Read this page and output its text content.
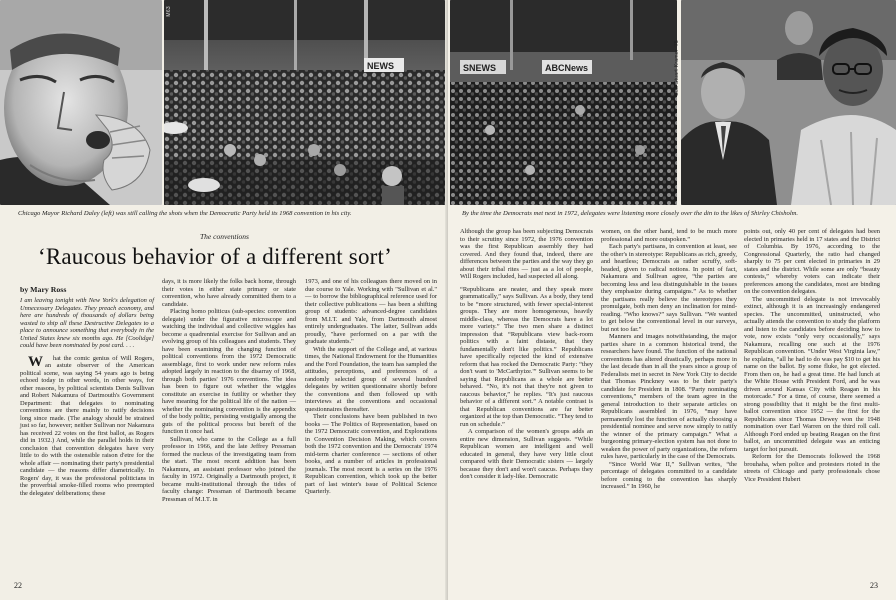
NEWS
M63
Chicago Mayor Richard Daley (left) was still calling the shots when the Democratic Party held its 1968 convention in his city.
The conventions
‘Raucous behavior of a different sort’
by Mary Ross

I am leaving tonight with New York's delegation of Unnecessary Delegates. They preach economy, and here are hundreds of thousands of dollars being wasted to ship all these Destructive Delegates to a place to announce something that everybody in the United States knew six months ago. He [Coolidge] could have been nominated by post card. . . .

W hat the comic genius of Will Rogers, an astute observer of the American political scene, was saying 54 years ago is being echoed today in other words, in other ways, for other reasons, by political scientists Denis Sullivan and Robert Nakamura of Dartmouth's Government Department: that delegates to nominating conventions are there mainly to ratify decisions long since made. (The analogy should be strained just so far, however; neither Sullivan nor Nakamura has received 22 votes on the first ballot, as Rogers did in 1932.) And, while the parallel holds in their conclusion that convention delegates have very little to do with the ostensible raison d'etre for the whole affair — nominating their party's presidential candidate — the reasons differ diametrically. In Rogers' day, it was the professional politicians in the proverbial smoke-filled rooms who preempted the delegates' deliberations; these

days, it is more likely the folks back home, through their votes in either state primary or state convention, who have already committed them to a candidate.

Placing homo politicus (sub-species: convention delegate) under the figurative microscope and watching the individual and collective wiggles has become a quadrennial exercise for Sullivan and an evolving group of his colleagues and students. They have been examining the changing function of political conventions from the 1972 Democratic assemblage, first to work under new reform rules adopted largely in reaction to the disarray of 1968, through both parties' 1976 conventions. The idea has been to figure out whether the wiggles constitute an exercise in futility or whether they have meaning for the political life of the nation — whether the nominating convention is the appendix of the body politic, persisting vestigially among the guts of the political process but bereft of the function it once had.

Sullivan, who came to the College as a full professor in 1966, and the late Jeffrey Pressman formed the nucleus of the investigating team from the start. The most recent addition has been Nakamura, an assistant professor who joined the faculty in 1972. Originally a Dartmouth project, it became multi-institutional through the tides of faculty change: Pressman of Dartmouth became Pressman of M.I.T. in

1973, and one of his colleagues there moved on in due course to Yale. Working with "Sullivan et al." — to borrow the bibliographical reference used for their collective publications — has been a shifting group of students: advanced-degree candidates from M.I.T. and Yale, from Dartmouth almost entirely undergraduates. The latter, Sullivan adds proudly, "have performed on a par with the graduate students."

With the support of the College and, at various times, the National Endowment for the Humanities and the Ford Foundation, the team has sampled the attitudes, perceptions, and preferences of a randomly selected group of several hundred delegates by written questionnaire shortly before the conventions and then followed up with interviews at the conventions and occasional questionnaires thereafter.

Their conclusions have been published in two books — The Politics of Representation, based on the 1972 Democratic convention, and Explorations in Convention Decision Making, which covers both the 1972 convention and the Democrats' 1974 mid-term charter conference — sections of other books, and a number of articles in professional journals. The most recent is a series on the 1976 Republican convention, which took up the better part of last winter's issue of Political Science Quarterly.

22
SNEWS	ABCNews	Bob Stuart Kramer '75
By the time the Democrats met next in 1972, delegates were listening more closely over the din to the likes of Shirley Chisholm.

Although the group has been subjecting Democrats to their scrutiny since 1972, the 1976 convention was the first Republican assembly they had covered. And they found that, indeed, there are differences between the parties and the way they go about their tribal rites — just as a lot of people, Will Rogers included, had suspected all along.

“Republicans are neater, and they speak more grammatically,” says Sullivan. As a body, they tend to be “more structured, with fewer special-interest groups. They are more homogeneous, heavily middle-class, whereas the Democrats have a lot more variety.” The two men share a distinct impression that “Republicans view back-room politics with a faint distaste, that they fundamentally don't like politics.” Republicans have specifically rejected the kind of extensive reform that has rocked the Democratic Party: “they don't want to 'McCarthyize.'” Sullivan seems to be saying that Republicans as a whole are better behaved. “No, it's not that they're not given to raucous behavior,” he replies. “It's just raucous behavior of a different sort.” A notable contrast is that Republican conventions are far better organized at the top than Democratic. “They tend to run on schedule.”

A comparison of the women's groups adds an entire new dimension, Sullivan suggests. “While Republican women are intelligent and well educated in general, they have very little clout compared with their Democratic sisters — largely because they don't and won't caucus. Perhaps they don't consider it lady-like. Democratic

women, on the other hand, tend to be much more professional and more outspoken.”

Each party's partisans, in convention at least, see the other's in stereotype: Republicans as rich, greedy, and heartless; Democrats as rather scruffy, soft-headed, given to radical notions. In point of fact, Nakamura and Sullivan agree, “the parties are becoming less and less distinguishable in the issues they emphasize during campaigns.” As to whether the partisans really believe the stereotypes they promulgate, both men deny an inclination for mind-reading. “Who knows?” says Sullivan. “We wanted to get below the conventional level in our surveys, but not too far.”

Manners and images notwithstanding, the major parties share in a common historical trend, the researchers have found. The function of the national conventions has altered drastically, perhaps more in the last decade than in all the years since a group of Federalists met in secret in New York City to decide that Thomas Pinckney was to be their party's candidate for President in 1808. “Party nominating conventions,” members of the team agree in the general introduction to their separate articles on Republicans assembled in 1976, “may have permanently lost the function of actually choosing a presidential nominee and serve now simply to ratify the winner of the primary campaign.” What a burgeoning primary-election system has not done to weaken the power of party organizations, the reform rules have, particularly in the case of the Democrats.

“Since World War II,” Sullivan writes, “the percentage of delegates committed to a candidate before coming to the convention has sharply increased.” In 1960, he

points out, only 40 per cent of delegates had been elected in primaries held in 17 states and the District of Columbia. By 1976, according to the Congressional Quarterly, the ratio had changed sharply to 75 per cent elected in primaries in 29 states and the district. While some are only “beauty contests,” whereby voters can indicate their preferences among the candidates, most are binding on the convention delegates.

The uncommitted delegate is not irrevocably extinct, although it is an increasingly endangered species. The uncommitted, uninstructed, who actually attends the convention to study the platform and listen to the candidates before deciding how to vote, now exists “only very occasionally,” says Nakamura, recalling one such at the 1976 Republican convention. “Under West Virginia law,” he explains, “all he had to do was pay $10 to get his name on the ballot. By some fluke, he got elected. From then on, he had a great time. He had lunch at the White House with President Ford, and he was driven around Kansas City with Reagan in his motorcade.” For a time, of course, there seemed a strong possibility that it might be the first multi-ballot convention since 1952 — the first for the Republicans since Thomas Dewey won the 1948 nomination over Earl Warren on the third roll call. Although Ford ended up beating Reagan on the first ballot, an uncommitted delegate was an enticing target for hot pursuit.

Reform for the Democrats followed the 1968 brouhaha, when police and protesters rioted in the streets of Chicago and party professionals chose Vice President Hubert

23
